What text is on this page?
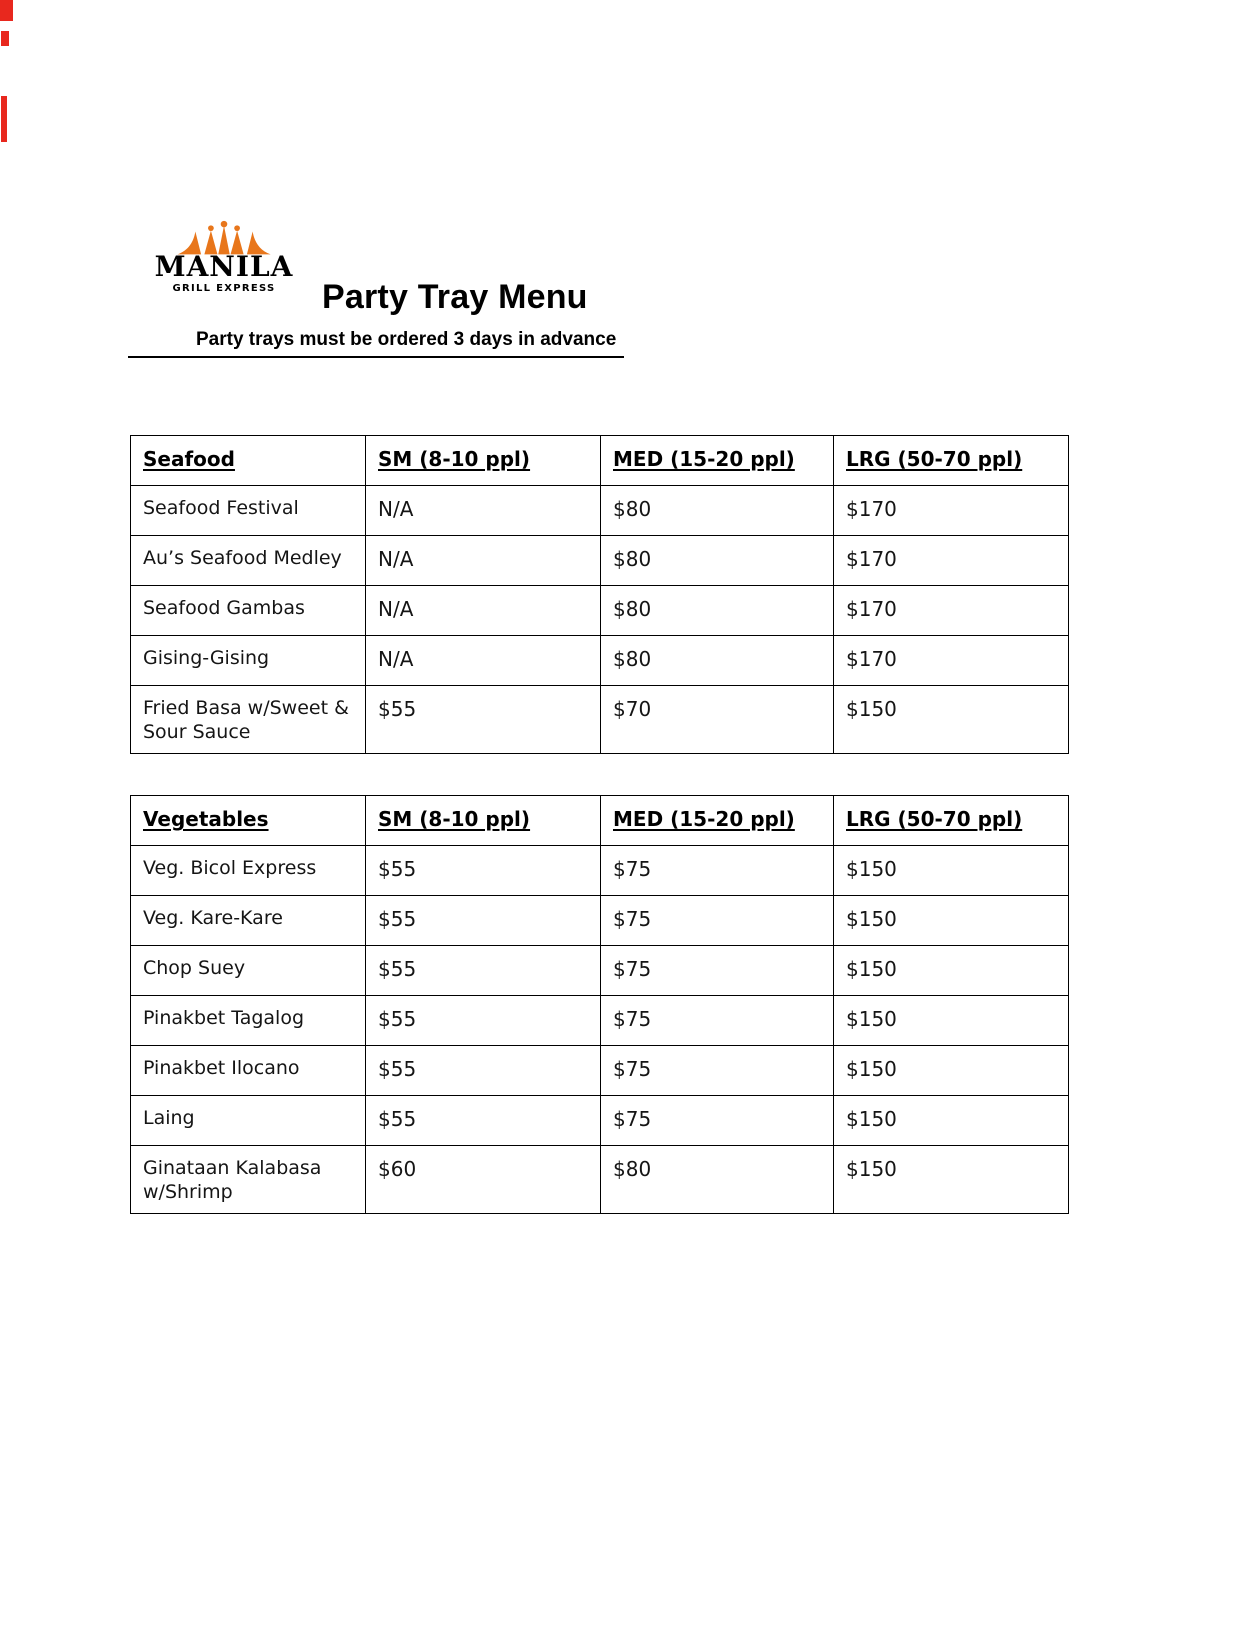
MANILA
GRILL EXPRESS	Party Tray Menu
Party trays must be ordered 3 days in advance
Seafood	SM (8-10 ppl)	MED (15-20 ppl)	LRG (50-70 ppl)
Seafood Festival	N/A	$80	$170
Au’s Seafood Medley	N/A	$80	$170
Seafood Gambas	N/A	$80	$170
Gising-Gising	N/A	$80	$170
Fried Basa w/Sweet & Sour Sauce	$55	$70	$150
Vegetables	SM (8-10 ppl)	MED (15-20 ppl)	LRG (50-70 ppl)
Veg. Bicol Express	$55	$75	$150
Veg. Kare-Kare	$55	$75	$150
Chop Suey	$55	$75	$150
Pinakbet Tagalog	$55	$75	$150
Pinakbet Ilocano	$55	$75	$150
Laing	$55	$75	$150
Ginataan Kalabasa w/Shrimp	$60	$80	$150
